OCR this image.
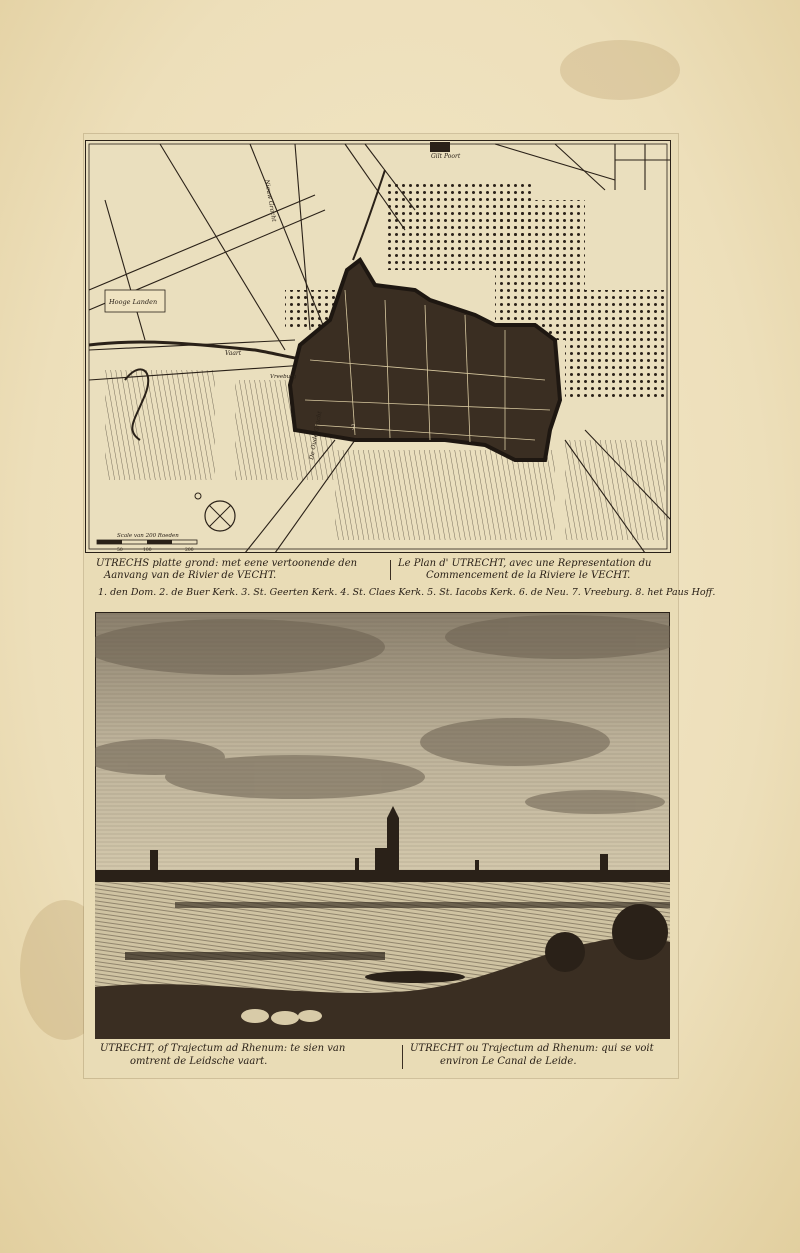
Gilt Poort
Nieuw Gracht
De Oude Gracht
Vaart
Hooge Landen
Vreeburg
7
Scale van 200 Roeden
50	100	200
UTRECHS platte grond: met eene vertoonende den
Aanvang van de Rivier de VECHT.
Le Plan d' UTRECHT, avec une Representation du
Commencement de la Riviere le VECHT.
1. den Dom. 2. de Buer Kerk. 3. St. Geerten Kerk. 4. St. Claes Kerk. 5. St. Iacobs Kerk. 6. de Neu. 7. Vreeburg. 8. het Paus Hoff.
UTRECHT, of Trajectum ad Rhenum: te sien van
omtrent de Leidsche vaart.
UTRECHT ou Trajectum ad Rhenum: qui se voit
environ Le Canal de Leide.
